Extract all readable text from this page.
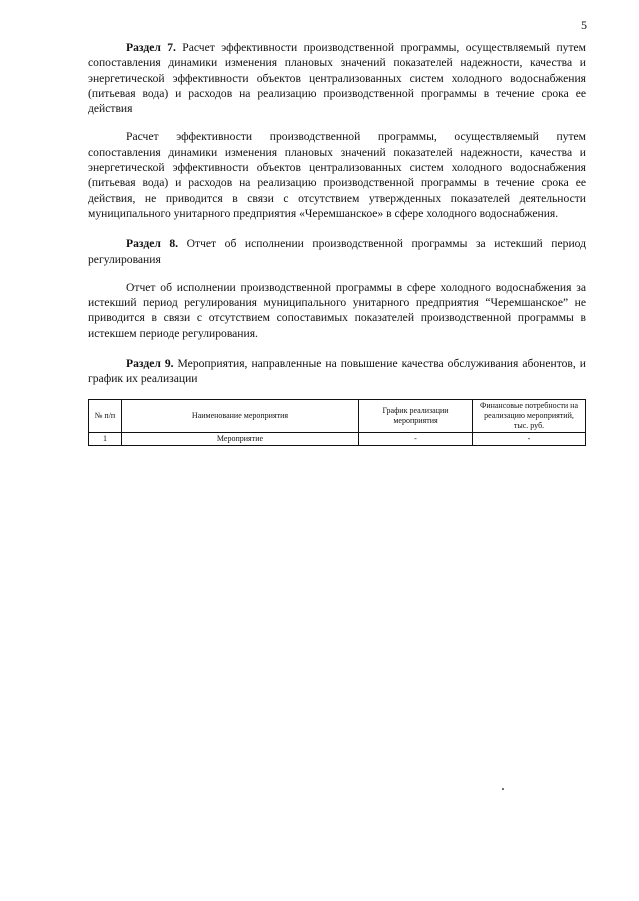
5

Раздел 7. Расчет эффективности производственной программы, осуществляемый путем сопоставления динамики изменения плановых значений показателей надежности, качества и энергетической эффективности объектов централизованных систем холодного водоснабжения (питьевая вода) и расходов на реализацию производственной программы в течение срока ее действия

Расчет эффективности производственной программы, осуществляемый путем сопоставления динамики изменения плановых значений показателей надежности, качества и энергетической эффективности объектов централизованных систем холодного водоснабжения (питьевая вода) и расходов на реализацию производственной программы в течение срока ее действия, не приводится в связи с отсутствием утвержденных показателей деятельности муниципального унитарного предприятия «Черемшанское» в сфере холодного водоснабжения.

Раздел 8. Отчет об исполнении производственной программы за истекший период регулирования

Отчет об исполнении производственной программы в сфере холодного водоснабжения за истекший период регулирования муниципального унитарного предприятия “Черемшанское” не приводится в связи с отсутствием сопоставимых показателей производственной программы в истекшем периоде регулирования.

Раздел 9. Мероприятия, направленные на повышение качества обслуживания абонентов, и график их реализации

№ п/п	Наименование мероприятия	График реализации мероприятия	Финансовые потребности на реализацию мероприятий, тыс. руб.
1	Мероприятие	-	-
